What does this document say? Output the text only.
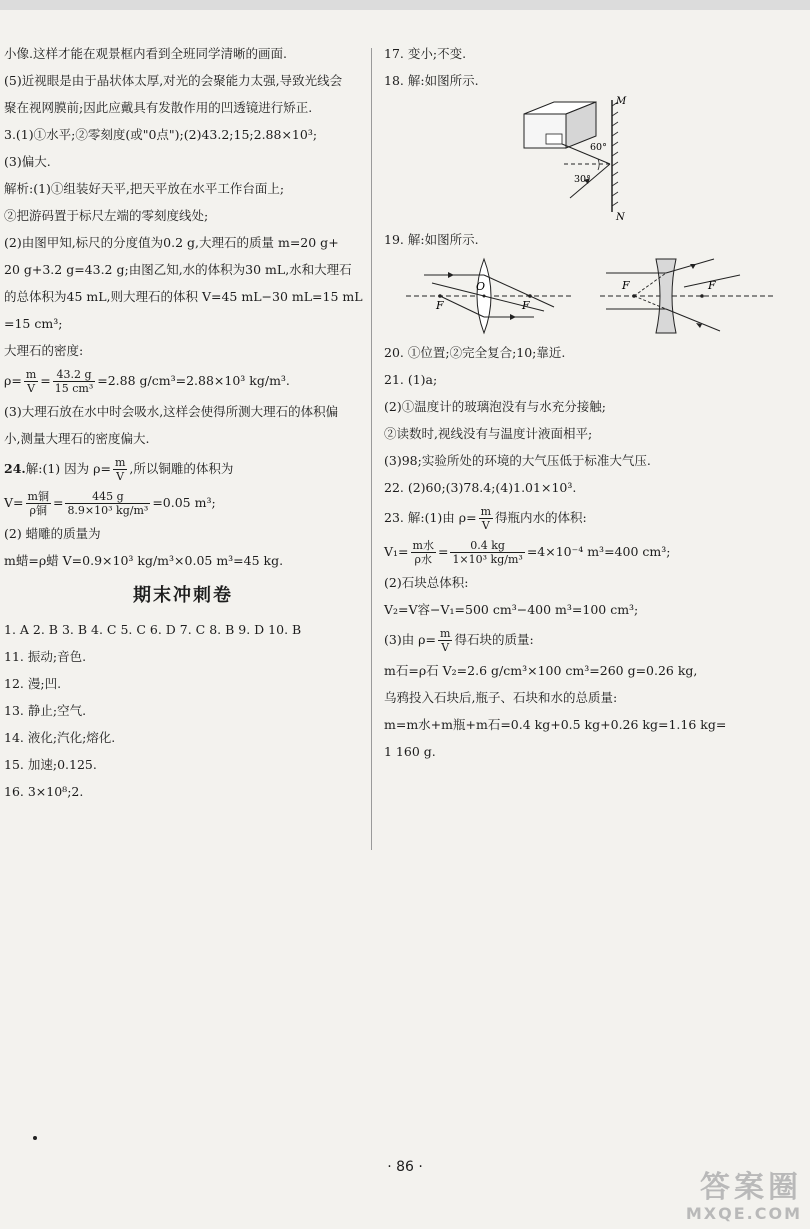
小像.这样才能在观景框内看到全班同学清晰的画面.
(5)近视眼是由于晶状体太厚,对光的会聚能力太强,导致光线会
聚在视网膜前;因此应戴具有发散作用的凹透镜进行矫正.
3.(1)①水平;②零刻度(或"0点");(2)43.2;15;2.88×10³;
(3)偏大.
解析:(1)①组装好天平,把天平放在水平工作台面上;
②把游码置于标尺左端的零刻度线处;
(2)由图甲知,标尺的分度值为0.2 g,大理石的质量 m=20 g+
20 g+3.2 g=43.2 g;由图乙知,水的体积为30 mL,水和大理石
的总体积为45 mL,则大理石的体积 V=45 mL−30 mL=15 mL
=15 cm³;
大理石的密度:
$\rho= \frac{m}{V} = \frac{43.2 g}{\text{15 cm³}} =2.88$ g/cm³=2.88×10³ kg/m³.
(3)大理石放在水中时会吸水,这样会使得所测大理石的体积偏
小,测量大理石的密度偏大.
24.解:(1) 因为 $\rho= \frac{m}{V}$ ,所以铜雕的体积为
$V= \frac{\text{m铜}}{\text{ρ铜}} = \frac{445 g}{\text{8.9×10³ kg/m³}} =0.05$ m³;
(2) 蜡雕的质量为
m蜡=ρ蜡 V=0.9×10³ kg/m³×0.05 m³=45 kg.
期末冲刺卷
1. A 2. B 3. B 4. C 5. C 6. D 7. C 8. B 9. D 10. B
11. 振动;音色.
12. 漫;凹.
13. 静止;空气.
14. 液化;汽化;熔化.
15. 加速;0.125.
16. 3×10⁸;2.
17. 变小;不变.
18. 解:如图所示.
M
N
60°
30°
19. 解:如图所示.
O
F	F
F	F
20. ①位置;②完全复合;10;靠近.
21. (1)a;
(2)①温度计的玻璃泡没有与水充分接触;
②读数时,视线没有与温度计液面相平;
(3)98;实验所处的环境的大气压低于标准大气压.
22. (2)60;(3)78.4;(4)1.01×10³.
23. 解:(1)由 $\rho= \frac{m}{V}$ 得瓶内水的体积:
$V_1= \frac{\text{m水}}{\text{ρ水}} = \frac{0.4 kg}{\text{1×10³ kg/m³}} =4\times 10^{-4}$ m³=400 cm³;
(2)石块总体积:
V₂=V容−V₁=500 cm³−400 m³=100 cm³;
(3)由 $\rho= \frac{m}{V}$ 得石块的质量:
m石=ρ石 V₂=2.6 g/cm³×100 cm³=260 g=0.26 kg,
乌鸦投入石块后,瓶子、石块和水的总质量:
m=m水+m瓶+m石=0.4 kg+0.5 kg+0.26 kg=1.16 kg=
1 160 g.
· 86 ·
答案圈
MXQE.COM
